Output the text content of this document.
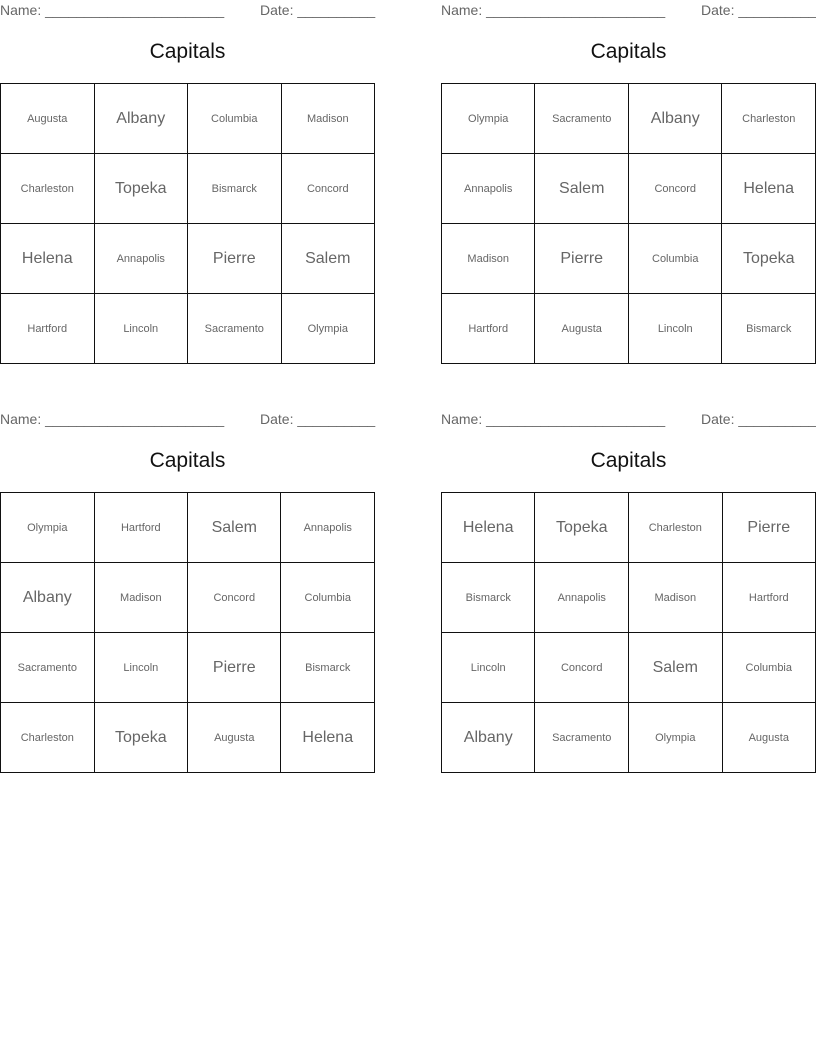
Name: _______________________	Date: __________
Capitals
Augusta	Albany	Columbia	Madison
Charleston	Topeka	Bismarck	Concord
Helena	Annapolis	Pierre	Salem
Hartford	Lincoln	Sacramento	Olympia
Name: _______________________	Date: __________
Capitals
Olympia	Sacramento	Albany	Charleston
Annapolis	Salem	Concord	Helena
Madison	Pierre	Columbia	Topeka
Hartford	Augusta	Lincoln	Bismarck
Name: _______________________	Date: __________
Capitals
Olympia	Hartford	Salem	Annapolis
Albany	Madison	Concord	Columbia
Sacramento	Lincoln	Pierre	Bismarck
Charleston	Topeka	Augusta	Helena
Name: _______________________	Date: __________
Capitals
Helena	Topeka	Charleston	Pierre
Bismarck	Annapolis	Madison	Hartford
Lincoln	Concord	Salem	Columbia
Albany	Sacramento	Olympia	Augusta
